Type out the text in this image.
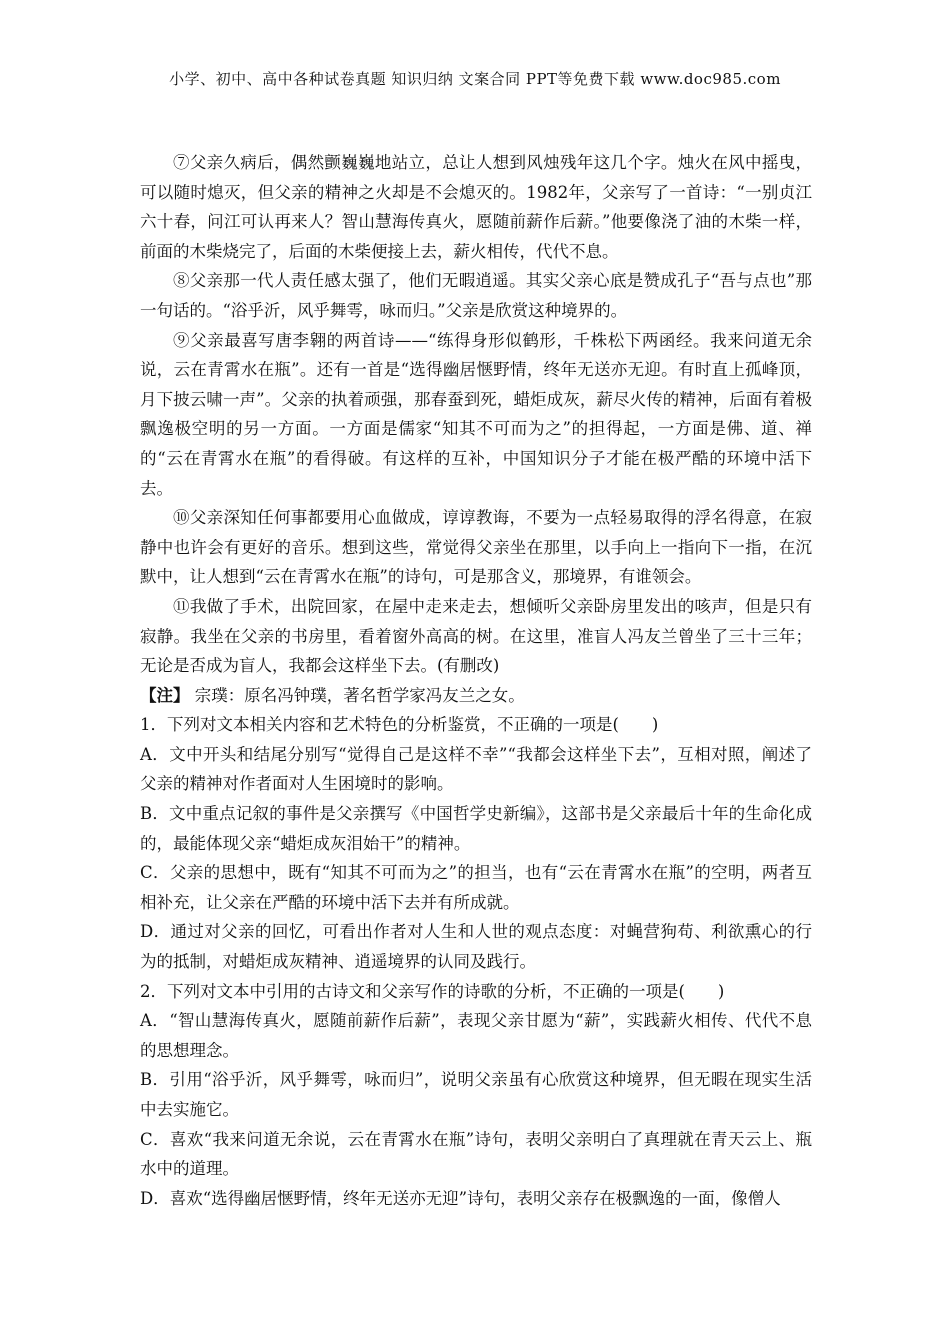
小学、初中、高中各种试卷真题 知识归纳 文案合同 PPT等免费下载 www.doc985.com

⑦父亲久病后，偶然颤巍巍地站立，总让人想到风烛残年这几个字。烛火在风中摇曳，可以随时熄灭，但父亲的精神之火却是不会熄灭的。1982年，父亲写了一首诗：“一别贞江六十春，问江可认再来人？智山慧海传真火，愿随前薪作后薪。”他要像浇了油的木柴一样，前面的木柴烧完了，后面的木柴便接上去，薪火相传，代代不息。

⑧父亲那一代人责任感太强了，他们无暇逍遥。其实父亲心底是赞成孔子“吾与点也”那一句话的。“浴乎沂，风乎舞雩，咏而归。”父亲是欣赏这种境界的。

⑨父亲最喜写唐李翱的两首诗——“练得身形似鹤形，千株松下两函经。我来问道无余说，云在青霄水在瓶”。还有一首是“选得幽居惬野情，终年无送亦无迎。有时直上孤峰顶，月下披云啸一声”。父亲的执着顽强，那春蚕到死，蜡炬成灰，薪尽火传的精神，后面有着极飘逸极空明的另一方面。一方面是儒家“知其不可而为之”的担得起，一方面是佛、道、禅的“云在青霄水在瓶”的看得破。有这样的互补，中国知识分子才能在极严酷的环境中活下去。

⑩父亲深知任何事都要用心血做成，谆谆教诲，不要为一点轻易取得的浮名得意，在寂静中也许会有更好的音乐。想到这些，常觉得父亲坐在那里，以手向上一指向下一指，在沉默中，让人想到“云在青霄水在瓶”的诗句，可是那含义，那境界，有谁领会。

⑪我做了手术，出院回家，在屋中走来走去，想倾听父亲卧房里发出的咳声，但是只有寂静。我坐在父亲的书房里，看着窗外高高的树。在这里，准盲人冯友兰曾坐了三十三年；无论是否成为盲人，我都会这样坐下去。(有删改)

【注】 宗璞：原名冯钟璞，著名哲学家冯友兰之女。

1．下列对文本相关内容和艺术特色的分析鉴赏，不正确的一项是(　　)

A．文中开头和结尾分别写“觉得自己是这样不幸”“我都会这样坐下去”，互相对照，阐述了父亲的精神对作者面对人生困境时的影响。

B．文中重点记叙的事件是父亲撰写《中国哲学史新编》，这部书是父亲最后十年的生命化成的，最能体现父亲“蜡炬成灰泪始干”的精神。

C．父亲的思想中，既有“知其不可而为之”的担当，也有“云在青霄水在瓶”的空明，两者互相补充，让父亲在严酷的环境中活下去并有所成就。

D．通过对父亲的回忆，可看出作者对人生和人世的观点态度：对蝇营狗苟、利欲熏心的行为的抵制，对蜡炬成灰精神、逍遥境界的认同及践行。

2．下列对文本中引用的古诗文和父亲写作的诗歌的分析，不正确的一项是(　　)

A．“智山慧海传真火，愿随前薪作后薪”，表现父亲甘愿为“薪”，实践薪火相传、代代不息的思想理念。

B．引用“浴乎沂，风乎舞雩，咏而归”，说明父亲虽有心欣赏这种境界，但无暇在现实生活中去实施它。

C．喜欢“我来问道无余说，云在青霄水在瓶”诗句，表明父亲明白了真理就在青天云上、瓶水中的道理。

D．喜欢“选得幽居惬野情，终年无送亦无迎”诗句，表明父亲存在极飘逸的一面，像僧人
